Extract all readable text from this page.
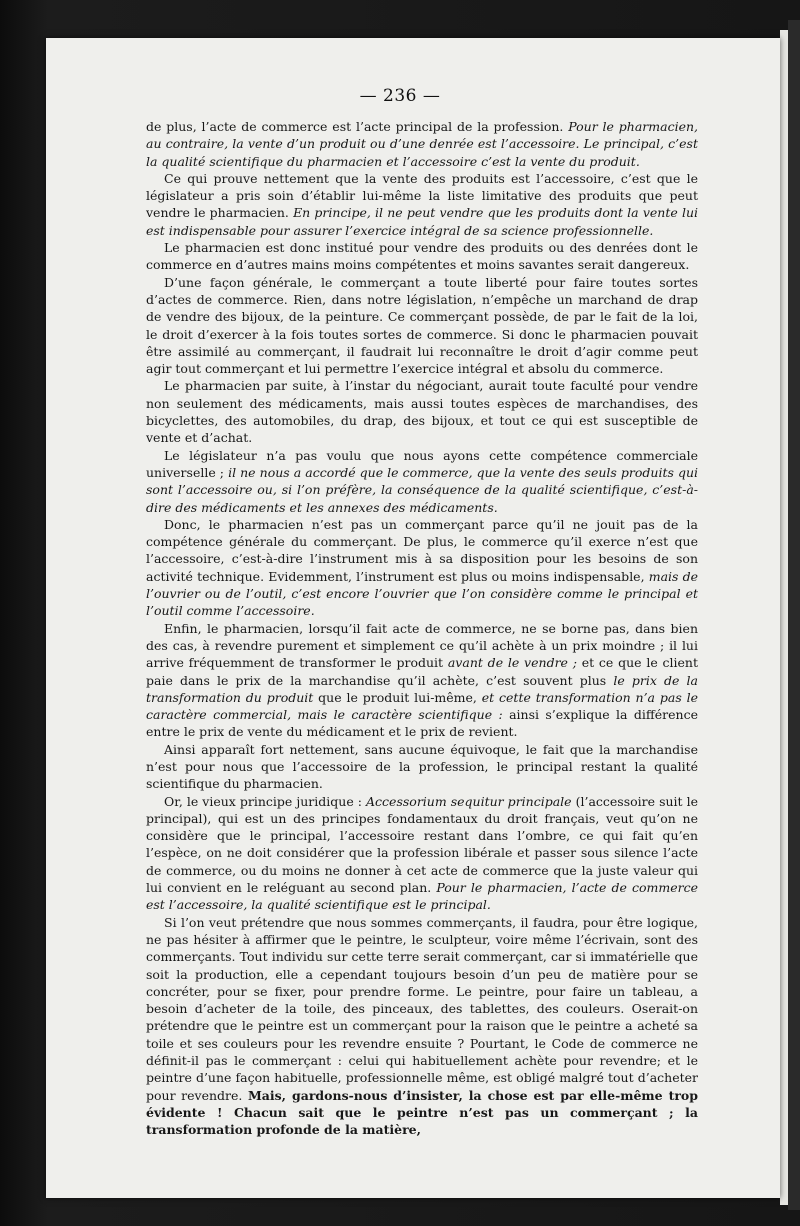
— 236 —

de plus, l’acte de commerce est l’acte principal de la profession. Pour le pharmacien, au contraire, la vente d’un produit ou d’une denrée est l’accessoire. Le principal, c’est la qualité scientifique du pharmacien et l’accessoire c’est la vente du produit.

Ce qui prouve nettement que la vente des produits est l’accessoire, c’est que le législateur a pris soin d’établir lui-même la liste limitative des produits que peut vendre le pharmacien. En principe, il ne peut vendre que les produits dont la vente lui est indispensable pour assurer l’exercice intégral de sa science professionnelle.

Le pharmacien est donc institué pour vendre des produits ou des denrées dont le commerce en d’autres mains moins compétentes et moins savantes serait dangereux.

D’une façon générale, le commerçant a toute liberté pour faire toutes sortes d’actes de commerce. Rien, dans notre législation, n’empêche un marchand de drap de vendre des bijoux, de la peinture. Ce commerçant possède, de par le fait de la loi, le droit d’exercer à la fois toutes sortes de commerce. Si donc le pharmacien pouvait être assimilé au commerçant, il faudrait lui reconnaître le droit d’agir comme peut agir tout commerçant et lui permettre l’exercice intégral et absolu du commerce.

Le pharmacien par suite, à l’instar du négociant, aurait toute faculté pour vendre non seulement des médicaments, mais aussi toutes espèces de marchandises, des bicyclettes, des automobiles, du drap, des bijoux, et tout ce qui est susceptible de vente et d’achat.

Le législateur n’a pas voulu que nous ayons cette compétence commerciale universelle ; il ne nous a accordé que le commerce, que la vente des seuls produits qui sont l’accessoire ou, si l’on préfère, la conséquence de la qualité scientifique, c’est-à-dire des médicaments et les annexes des médicaments.

Donc, le pharmacien n’est pas un commerçant parce qu’il ne jouit pas de la compétence générale du commerçant. De plus, le commerce qu’il exerce n’est que l’accessoire, c’est-à-dire l’instrument mis à sa disposition pour les besoins de son activité technique. Evidemment, l’instrument est plus ou moins indispensable, mais de l’ouvrier ou de l’outil, c’est encore l’ouvrier que l’on considère comme le principal et l’outil comme l’accessoire.

Enfin, le pharmacien, lorsqu’il fait acte de commerce, ne se borne pas, dans bien des cas, à revendre purement et simplement ce qu’il achète à un prix moindre ; il lui arrive fréquemment de transformer le produit avant de le vendre ; et ce que le client paie dans le prix de la marchandise qu’il achète, c’est souvent plus le prix de la transformation du produit que le produit lui-même, et cette transformation n’a pas le caractère commercial, mais le caractère scientifique : ainsi s’explique la différence entre le prix de vente du médicament et le prix de revient.

Ainsi apparaît fort nettement, sans aucune équivoque, le fait que la marchandise n’est pour nous que l’accessoire de la profession, le principal restant la qualité scientifique du pharmacien.

Or, le vieux principe juridique : Accessorium sequitur principale (l’accessoire suit le principal), qui est un des principes fondamentaux du droit français, veut qu’on ne considère que le principal, l’accessoire restant dans l’ombre, ce qui fait qu’en l’espèce, on ne doit considérer que la profession libérale et passer sous silence l’acte de commerce, ou du moins ne donner à cet acte de commerce que la juste valeur qui lui convient en le reléguant au second plan. Pour le pharmacien, l’acte de commerce est l’accessoire, la qualité scientifique est le principal.

Si l’on veut prétendre que nous sommes commerçants, il faudra, pour être logique, ne pas hésiter à affirmer que le peintre, le sculpteur, voire même l’écrivain, sont des commerçants. Tout individu sur cette terre serait commerçant, car si immatérielle que soit la production, elle a cependant toujours besoin d’un peu de matière pour se concréter, pour se fixer, pour prendre forme. Le peintre, pour faire un tableau, a besoin d’acheter de la toile, des pinceaux, des tablettes, des couleurs. Oserait-on prétendre que le peintre est un commerçant pour la raison que le peintre a acheté sa toile et ses couleurs pour les revendre ensuite ? Pourtant, le Code de commerce ne définit-il pas le commerçant : celui qui habituellement achète pour revendre; et le peintre d’une façon habituelle, professionnelle même, est obligé malgré tout d’acheter pour revendre. Mais, gardons-nous d’insister, la chose est par elle-même trop évidente ! Chacun sait que le peintre n’est pas un commerçant ; la transformation profonde de la matière,
